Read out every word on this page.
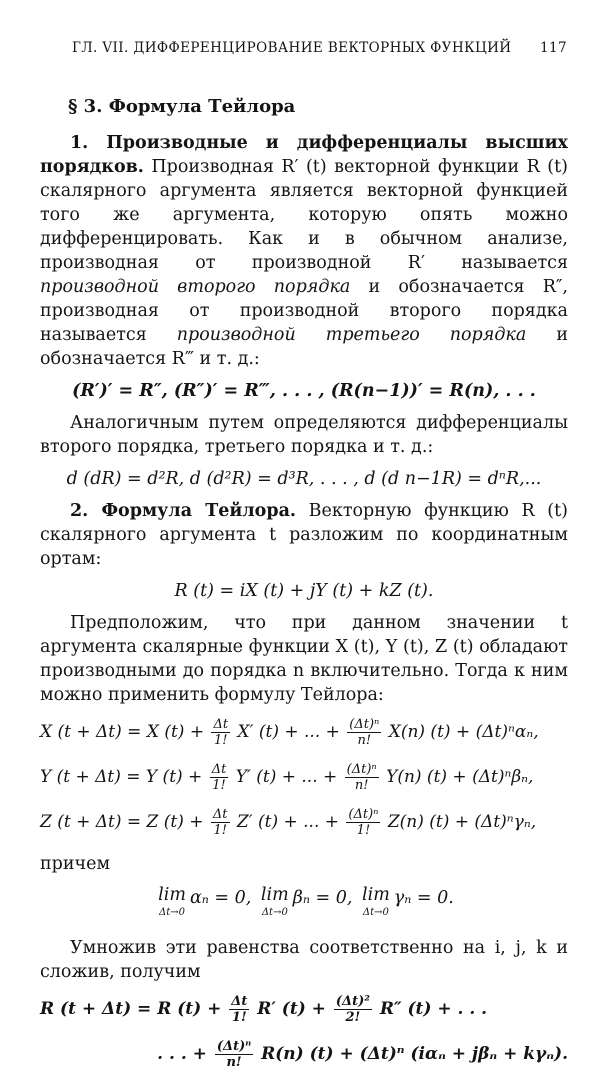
ГЛ. VII. ДИФФЕРЕНЦИРОВАНИЕ ВЕКТОРНЫХ ФУНКЦИЙ 117
§ 3. Формула Тейлора

1. Производные и дифференциалы высших порядков. Производная R′ (t) векторной функции R (t) скалярного аргумента является векторной функцией того же аргумента, которую опять можно дифференцировать. Как и в обычном анализе, производная от производной R′ называется производной второго порядка и обозначается R″, производная от производной второго порядка называется производной третьего порядка и обозначается R‴ и т. д.:

(R′)′ = R″, (R″)′ = R‴, . . . , (R(n−1))′ = R(n), . . .

Аналогичным путем определяются дифференциалы второго порядка, третьего порядка и т. д.:

d (dR) = d²R, d (d²R) = d³R, . . . , d (d n−1R) = dⁿR,...

2. Формула Тейлора. Векторную функцию R (t) скалярного аргумента t разложим по координатным ортам:

R (t) = iX (t) + jY (t) + kZ (t).

Предположим, что при данном значении t аргумента скалярные функции X (t), Y (t), Z (t) обладают производными до порядка n включительно. Тогда к ним можно применить формулу Тейлора:

X (t + Δt) = X $(t) + \frac{\Delta t}{1!} X'$ (t) + ... + $\frac{\text{(Δt)ⁿ}}{n!} X(n) (t) + (\Delta t)^n\alpha_n$,
Y (t + Δt) = Y $(t) + \frac{\Delta t}{1!} Y'$ (t) + ... + $\frac{\text{(Δt)ⁿ}}{n!} Y(n) (t) + (\Delta t)^n\beta_n$,
Z (t + Δt) = Z $(t) + \frac{\Delta t}{1!} Z'$ (t) + ... + $\frac{\text{(Δt)ⁿ}}{1!} Z(n) (t) + (\Delta t)^n\gamma_n$,

причем

lim
Δt→0
αₙ = 0, lim
Δt→0
βₙ = 0, lim
Δt→0
γₙ = 0.

Умножив эти равенства соответственно на i, j, k и сложив, получим

R (t + Δt) = R $(t) + \frac{\Delta t}{1!} R'$ $(t) + \frac{\text{(Δt)²}}{2!} R''$ (t) + . . .
. . . + $\frac{\text{(Δt)ⁿ}}{n!} R(n) (t) + (\Delta t)^n$ (iαₙ + jβₙ + kγₙ).
